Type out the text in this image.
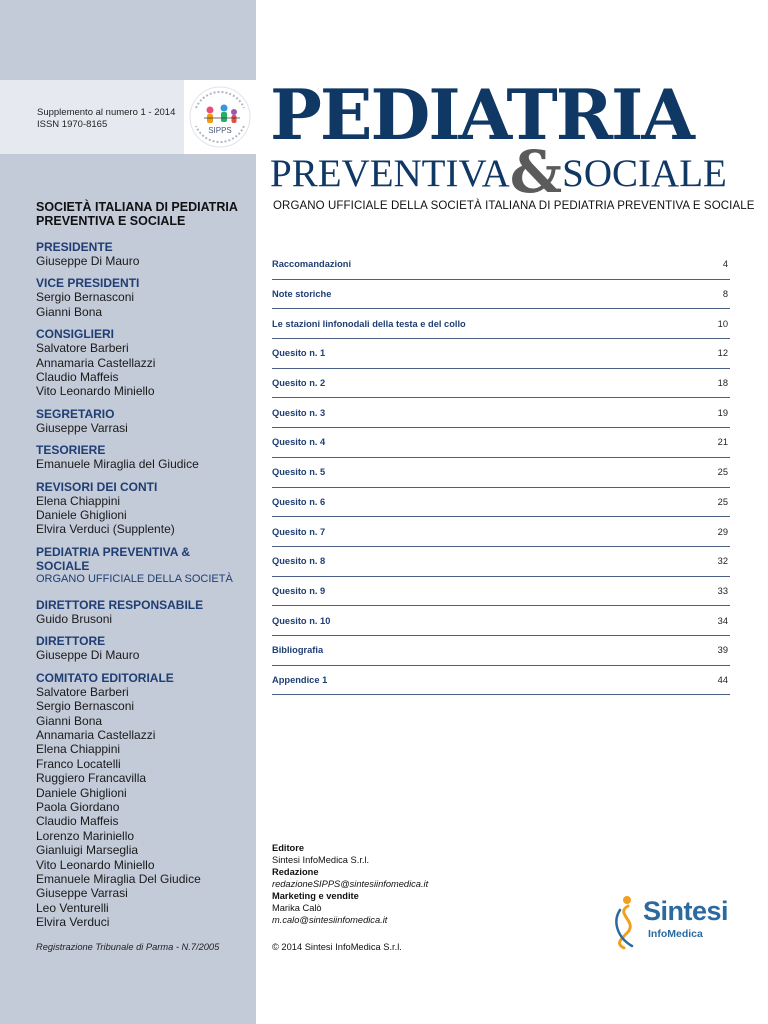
Supplemento al numero 1 - 2014
ISSN 1970-8165
SIPPS PEDIATRIA
PREVENTIVA&SOCIALE
ORGANO UFFICIALE DELLA SOCIETÀ ITALIANA DI PEDIATRIA PREVENTIVA E SOCIALE
SOCIETÀ ITALIANA DI PEDIATRIA
PREVENTIVA E SOCIALE
PRESIDENTE
Giuseppe Di Mauro
VICE PRESIDENTI
Sergio Bernasconi
Gianni Bona
CONSIGLIERI
Salvatore Barberi
Annamaria Castellazzi
Claudio Maffeis
Vito Leonardo Miniello
SEGRETARIO
Giuseppe Varrasi
TESORIERE
Emanuele Miraglia del Giudice
REVISORI DEI CONTI
Elena Chiappini
Daniele Ghiglioni
Elvira Verduci (Supplente)
PEDIATRIA PREVENTIVA & SOCIALE
ORGANO UFFICIALE DELLA SOCIETÀ
DIRETTORE RESPONSABILE
Guido Brusoni
DIRETTORE
Giuseppe Di Mauro
COMITATO EDITORIALE
Salvatore Barberi
Sergio Bernasconi
Gianni Bona
Annamaria Castellazzi
Elena Chiappini
Franco Locatelli
Ruggiero Francavilla
Daniele Ghiglioni
Paola Giordano
Claudio Maffeis
Lorenzo Mariniello
Gianluigi Marseglia
Vito Leonardo Miniello
Emanuele Miraglia Del Giudice
Giuseppe Varrasi
Leo Venturelli
Elvira Verduci
Registrazione Tribunale di Parma - N.7/2005
Raccomandazioni	4
Note storiche	8
Le stazioni linfonodali della testa e del collo	10
Quesito n. 1	12
Quesito n. 2	18
Quesito n. 3	19
Quesito n. 4	21
Quesito n. 5	25
Quesito n. 6	25
Quesito n. 7	29
Quesito n. 8	32
Quesito n. 9	33
Quesito n. 10	34
Bibliografia	39
Appendice 1	44
Editore
Sintesi InfoMedica S.r.l.
Redazione
redazioneSIPPS@sintesiinfomedica.it
Marketing e vendite
Marika Calò
m.calo@sintesiinfomedica.it
© 2014 Sintesi InfoMedica S.r.l.
Sintesi
InfoMedica
